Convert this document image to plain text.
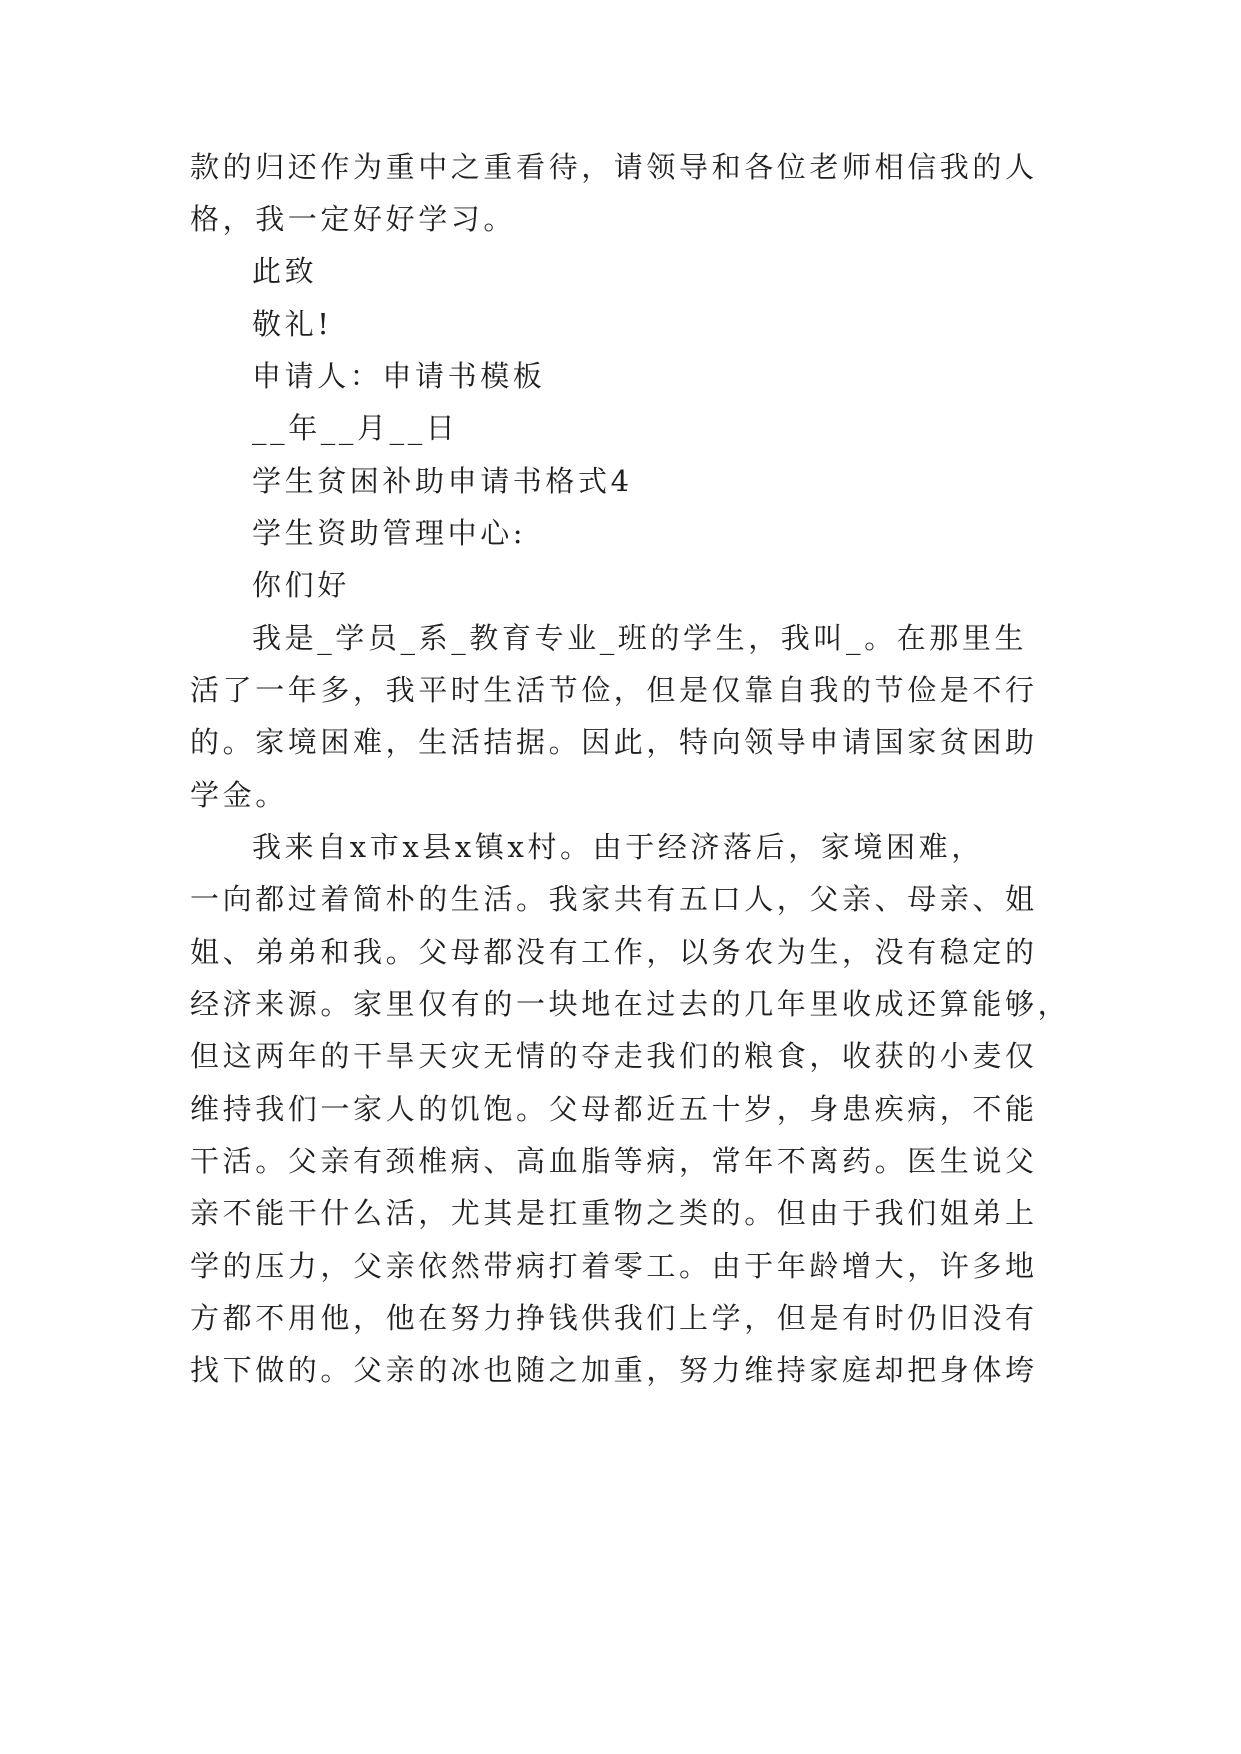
款的归还作为重中之重看待，请领导和各位老师相信我的人
格，我一定好好学习。
此致
敬礼!
申请人：申请书模板
__年__月__日
学生贫困补助申请书格式4
学生资助管理中心:
你们好
我是_学员_系_教育专业_班的学生，我叫_。在那里生
活了一年多，我平时生活节俭，但是仅靠自我的节俭是不行
的。家境困难，生活拮据。因此，特向领导申请国家贫困助
学金。
我来自x市x县x镇x村。由于经济落后，家境困难，
一向都过着简朴的生活。我家共有五口人，父亲、母亲、姐
姐、弟弟和我。父母都没有工作，以务农为生，没有稳定的
经济来源。家里仅有的一块地在过去的几年里收成还算能够，
但这两年的干旱天灾无情的夺走我们的粮食，收获的小麦仅
维持我们一家人的饥饱。父母都近五十岁，身患疾病，不能
干活。父亲有颈椎病、高血脂等病，常年不离药。医生说父
亲不能干什么活，尤其是扛重物之类的。但由于我们姐弟上
学的压力，父亲依然带病打着零工。由于年龄增大，许多地
方都不用他，他在努力挣钱供我们上学，但是有时仍旧没有
找下做的。父亲的冰也随之加重，努力维持家庭却把身体垮
